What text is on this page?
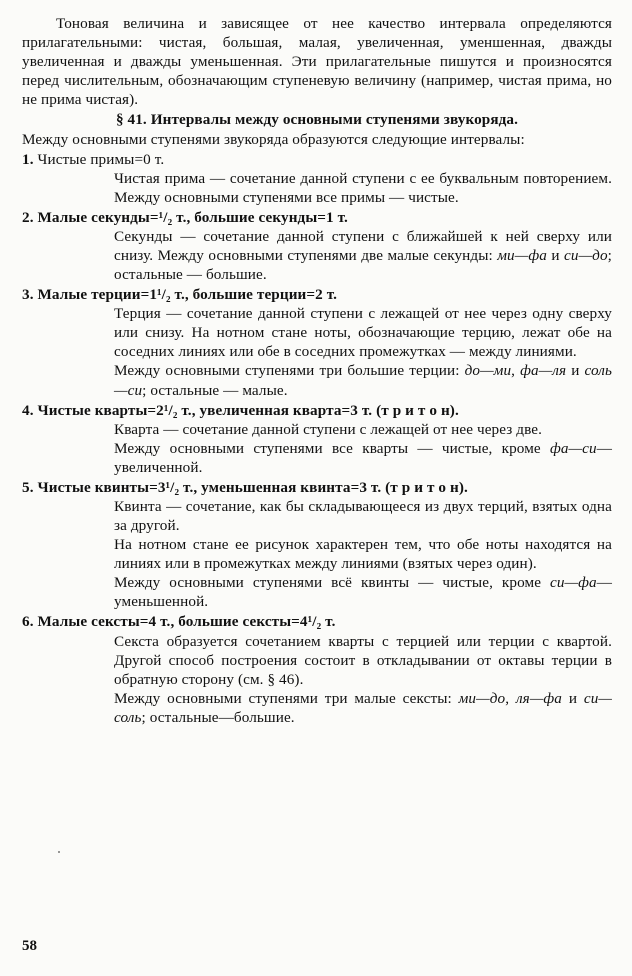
Тоновая величина и зависящее от нее качество интервала определяются прилагательными: чистая, большая, малая, увеличенная, уменшенная, дважды увеличенная и дважды уменьшенная. Эти прилагательные пишутся и произносятся перед числительным, обозначающим ступеневую величину (например, чистая прима, но не прима чистая).

§ 41. Интервалы между основными ступенями звукоряда.

Между основными ступенями звукоряда образуются следующие интервалы:

1. Чистые примы=0 т.

Чистая прима — сочетание данной ступени с ее буквальным повторением. Между основными ступенями все примы — чистые.

2. Малые секунды=¹/₂ т., большие секунды=1 т.

Секунды — сочетание данной ступени с ближайшей к ней сверху или снизу. Между основными ступенями две малые секунды: ми—фа и си—до; остальные — большие.

3. Малые терции=1¹/₂ т., большие терции=2 т.

Терция — сочетание данной ступени с лежащей от нее через одну сверху или снизу. На нотном стане ноты, обозначающие терцию, лежат обе на соседних линиях или обе в соседних промежутках — между линиями.

Между основными ступенями три большие терции: до—ми, фа—ля и соль—си; остальные — малые.

4. Чистые кварты=2¹/₂ т., увеличенная кварта=3 т. (т р и т о н).

Кварта — сочетание данной ступени с лежащей от нее через две.

Между основными ступенями все кварты — чистые, кроме фа—си—увеличенной.

5. Чистые квинты=3¹/₂ т., уменьшенная квинта=3 т. (т р и т о н).

Квинта — сочетание, как бы складывающееся из двух терций, взятых одна за другой.

На нотном стане ее рисунок характерен тем, что обе ноты находятся на линиях или в промежутках между линиями (взятых через один).

Между основными ступенями всё квинты — чистые, кроме си—фа—уменьшенной.

6. Малые сексты=4 т., большие сексты=4¹/₂ т.

Секста образуется сочетанием кварты с терцией или терции с квартой. Другой способ построения состоит в откладывании от октавы терции в обратную сторону (см. § 46).

Между основными ступенями три малые сексты: ми—до, ля—фа и си—соль; остальные—большие.

58
